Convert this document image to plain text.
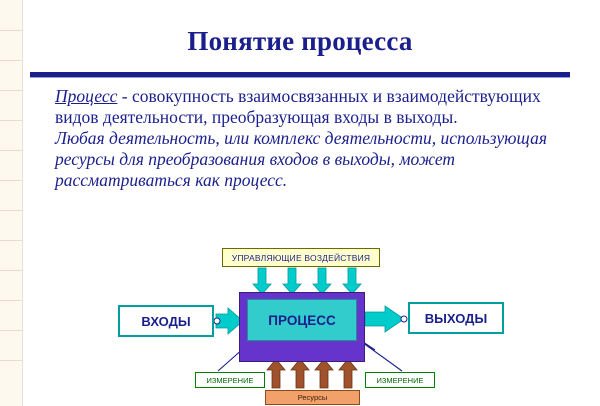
Понятие процесса

Процесс - совокупность взаимосвязанных и взаимодействующих видов деятельности, преобразующая входы в выходы.

Любая деятельность, или комплекс деятельности, использующая ресурсы для преобразования входов в выходы, может рассматриваться как процесс.

УПРАВЛЯЮЩИЕ ВОЗДЕЙСТВИЯ
ВХОДЫ	ПРОЦЕСС	ВЫХОДЫ
ИЗМЕРЕНИЕ	ИЗМЕРЕНИЕ
Ресурсы
